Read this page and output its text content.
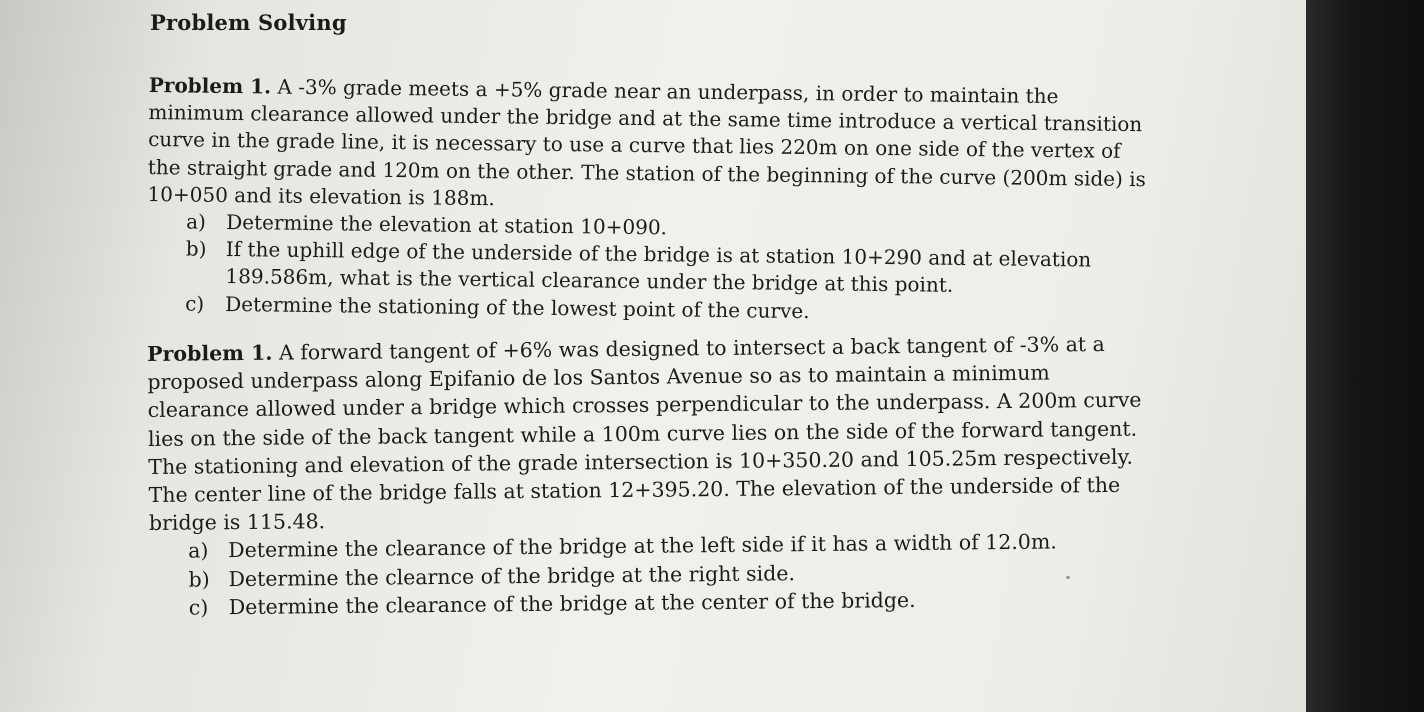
Problem Solving

Problem 1. A -3% grade meets a +5% grade near an underpass, in order to maintain the minimum clearance allowed under the bridge and at the same time introduce a vertical transition curve in the grade line, it is necessary to use a curve that lies 220m on one side of the vertex of the straight grade and 120m on the other. The station of the beginning of the curve (200m side) is 10+050 and its elevation is 188m.

a) Determine the elevation at station 10+090.
b) If the uphill edge of the underside of the bridge is at station 10+290 and at elevation 189.586m, what is the vertical clearance under the bridge at this point.
c)	Determine the stationing of the lowest point of the curve.

Problem 1. A forward tangent of +6% was designed to intersect a back tangent of -3% at a proposed underpass along Epifanio de los Santos Avenue so as to maintain a minimum clearance allowed under a bridge which crosses perpendicular to the underpass. A 200m curve lies on the side of the back tangent while a 100m curve lies on the side of the forward tangent. The stationing and elevation of the grade intersection is 10+350.20 and 105.25m respectively. The center line of the bridge falls at station 12+395.20. The elevation of the underside of the bridge is 115.48.

a) Determine the clearance of the bridge at the left side if it has a width of 12.0m.
b) Determine the clearnce of the bridge at the right side.
c) Determine the clearance of the bridge at the center of the bridge.
